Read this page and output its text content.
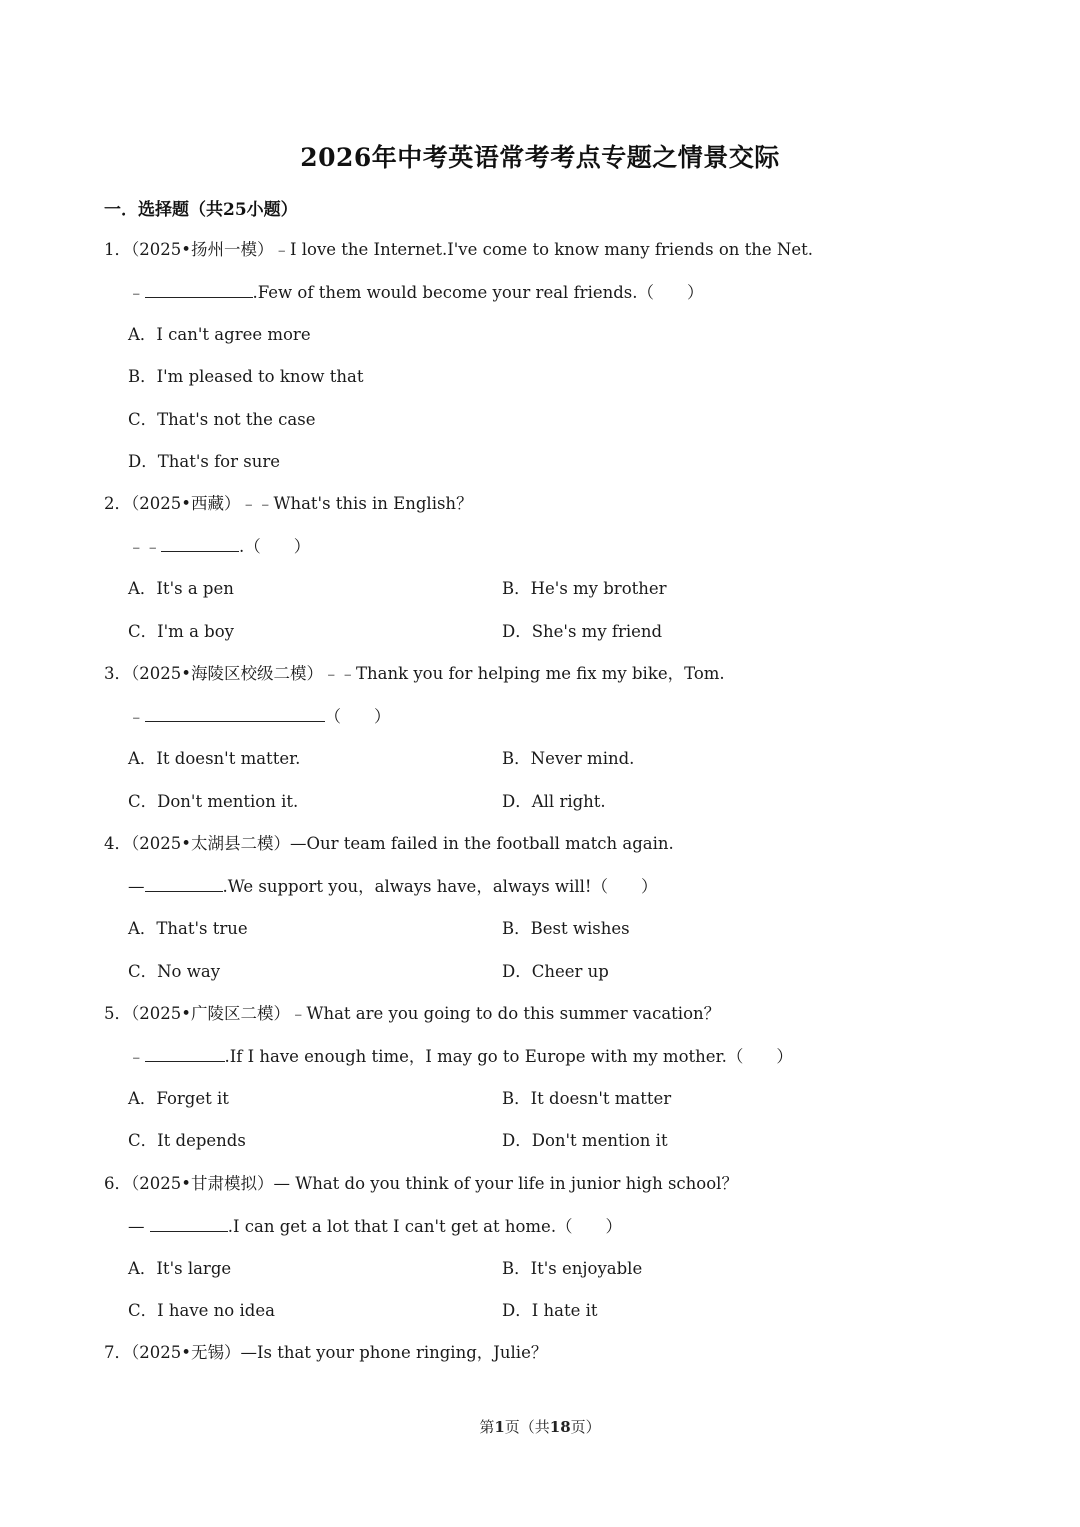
2026年中考英语常考考点专题之情景交际
一．选择题（共25小题）
1．（2025•扬州一模）﹣I love the Internet.I've come to know many friends on the Net.
﹣	.Few of them would become your real friends.（　　）
A．I can't agree more
B．I'm pleased to know that
C．That's not the case
D．That's for sure
2．（2025•西藏）﹣﹣What's this in English？
﹣﹣	.（　　）
A．It's a pen	B．He's my brother
C．I'm a boy	D．She's my friend
3．（2025•海陵区校级二模）﹣﹣Thank you for helping me fix my bike，Tom.
﹣	（　　）
A．It doesn't matter.	B．Never mind.
C．Don't mention it.	D．All right.
4．（2025•太湖县二模）—Our team failed in the football match again.
—	.We support you，always have，always will!（　　）
A．That's true	B．Best wishes
C．No way	D．Cheer up
5．（2025•广陵区二模）﹣What are you going to do this summer vacation？
﹣	.If I have enough time，I may go to Europe with my mother.（　　）
A．Forget it	B．It doesn't matter
C．It depends	D．Don't mention it
6．（2025•甘肃模拟）— What do you think of your life in junior high school？
—	.I can get a lot that I can't get at home.（　　）
A．It's large	B．It's enjoyable
C．I have no idea	D．I hate it
7．（2025•无锡）—Is that your phone ringing，Julie？
第1页（共18页）
